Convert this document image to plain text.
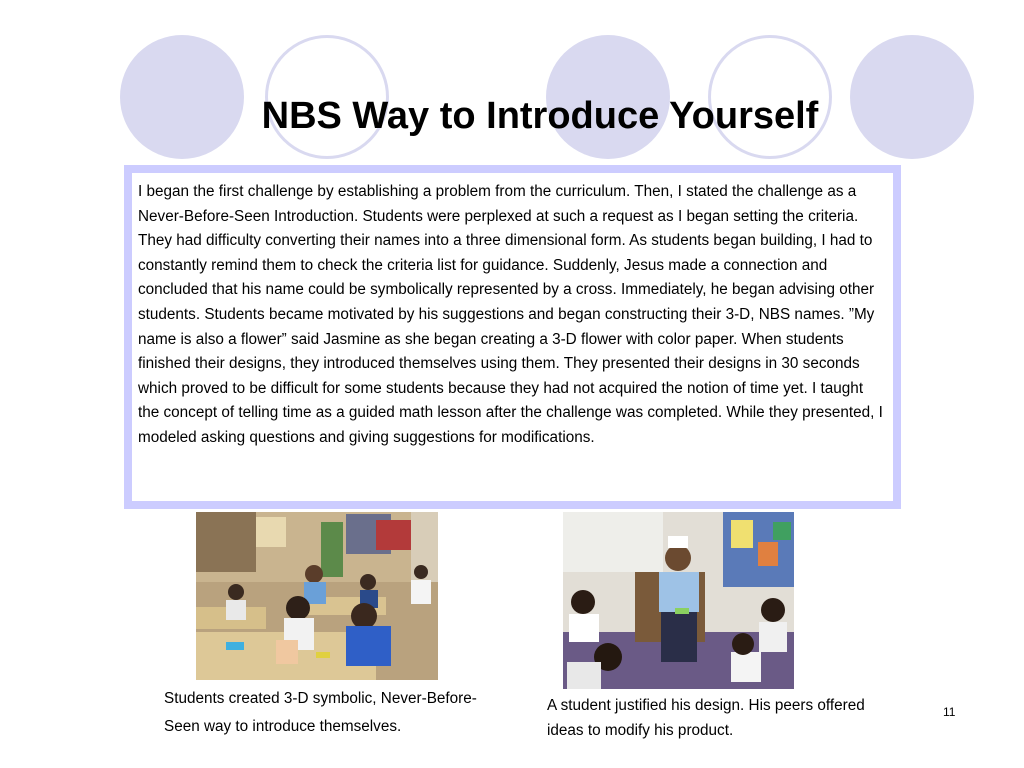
NBS Way to Introduce Yourself
I began the first challenge by establishing a problem from the curriculum. Then, I stated the challenge as a Never-Before-Seen Introduction. Students were perplexed at such a request as I began setting the criteria. They had difficulty converting their names into a three dimensional form. As students began building, I had to constantly remind them to check the criteria list for guidance. Suddenly, Jesus made a connection and concluded that his name could be symbolically represented by a cross. Immediately, he began advising other students. Students became motivated by his suggestions and began constructing their 3-D, NBS names. ”My name is also a flower” said Jasmine as she began creating a 3-D flower with color paper. When students finished their designs, they introduced themselves using them. They presented their designs in 30 seconds which proved to be difficult for some students because they had not acquired the notion of time yet. I taught the concept of telling time as a guided math lesson after the challenge was completed. While they presented, I modeled asking questions and giving suggestions for modifications.
Students created 3-D symbolic, Never-Before- Seen way to introduce themselves.
A student justified his design. His peers offered ideas to modify his product.
11
